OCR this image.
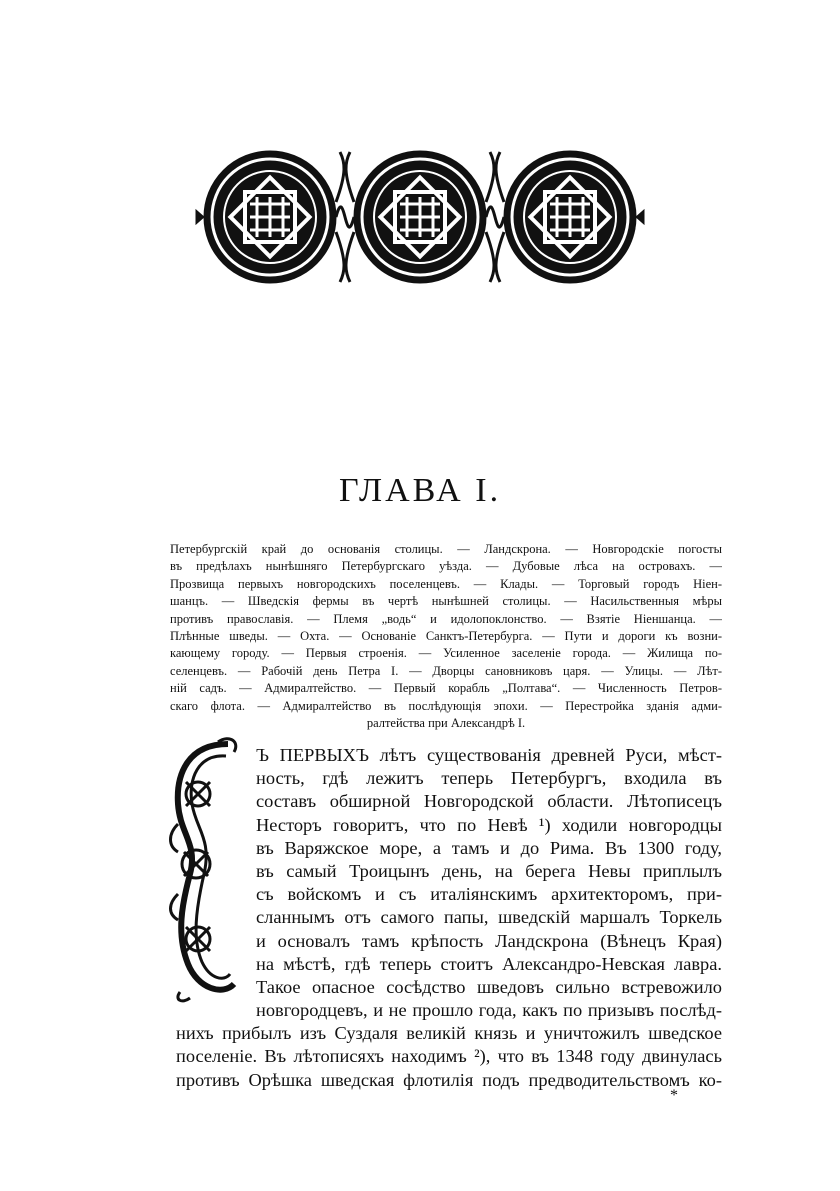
ГЛАВА I.
Петербургскій край до основанія столицы. — Ландскрона. — Новгородскіе погосты
въ предѣлахъ нынѣшняго Петербургскаго уѣзда. — Дубовые лѣса на островахъ. —
Прозвища первыхъ новгородскихъ поселенцевъ. — Клады. — Торговый городъ Ніен-
шанцъ. — Шведскія фермы въ чертѣ нынѣшней столицы. — Насильственныя мѣры
противъ православія. — Племя „водь“ и идолопоклонство. — Взятіе Ніеншанца. —
Плѣнные шведы. — Охта. — Основаніе Санктъ-Петербурга. — Пути и дороги къ возни-
кающему городу. — Первыя строенія. — Усиленное заселеніе города. — Жилища по-
селенцевъ. — Рабочій день Петра I. — Дворцы сановниковъ царя. — Улицы. — Лѣт-
ній садъ. — Адмиралтейство. — Первый корабль „Полтава“. — Численность Петров-
скаго флота. — Адмиралтейство въ послѣдующія эпохи. — Перестройка зданія адми-
ралтейства при Александрѣ I.
Ъ ПЕРВЫХЪ лѣтъ существованія древней Руси, мѣст-
ность, гдѣ лежитъ теперь Петербургъ, входила въ
составъ обширной Новгородской области. Лѣтописецъ
Несторъ говоритъ, что по Невѣ ¹) ходили новгородцы
въ Варяжское море, а тамъ и до Рима. Въ 1300 году,
въ самый Троицынъ день, на берега Невы приплылъ
съ войскомъ и съ италіянскимъ архитекторомъ, при-
сланнымъ отъ самого папы, шведскій маршалъ Торкель
и основалъ тамъ крѣпость Ландскрона (Вѣнецъ Края)
на мѣстѣ, гдѣ теперь стоитъ Александро-Невская лавра.
Такое опасное сосѣдство шведовъ сильно встревожило
новгородцевъ, и не прошло года, какъ по призывъ послѣд-
нихъ прибылъ изъ Суздаля великій князь и уничтожилъ шведское
поселеніе. Въ лѣтописяхъ находимъ ²), что въ 1348 году двинулась
противъ Орѣшка шведская флотилія подъ предводительствомъ ко-
*
